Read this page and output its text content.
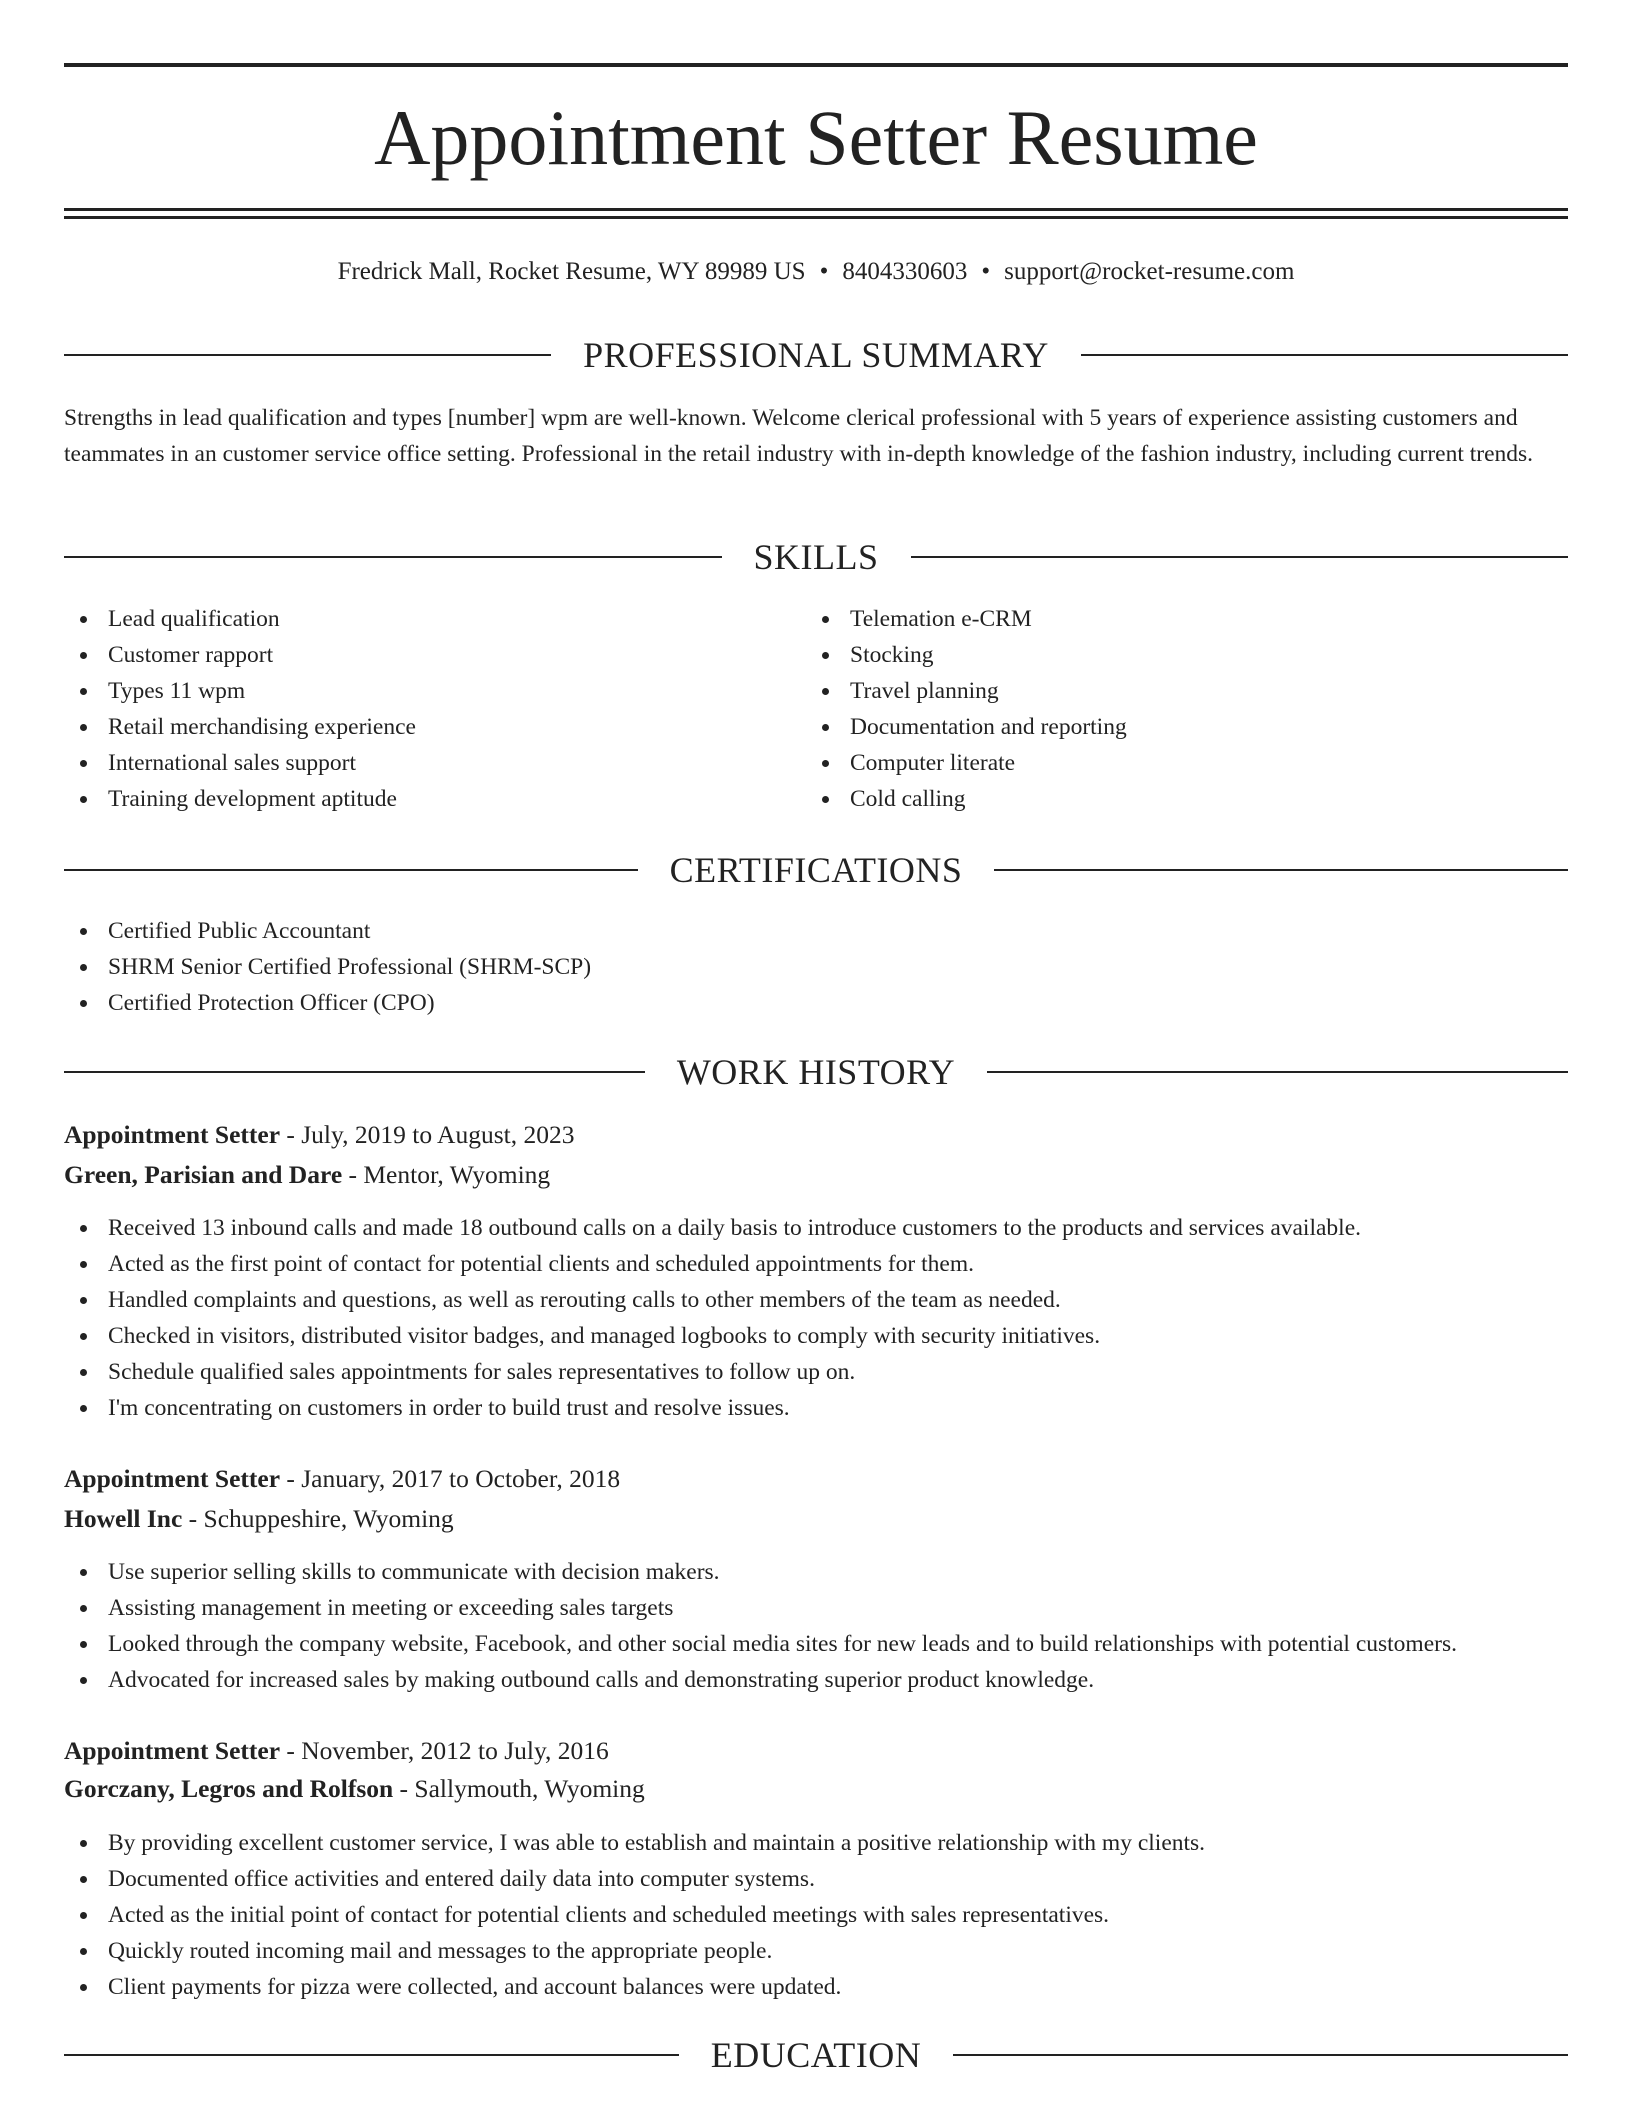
Appointment Setter Resume
Fredrick Mall, Rocket Resume, WY 89989 US • 8404330603 • support@rocket-resume.com
PROFESSIONAL SUMMARY
Strengths in lead qualification and types [number] wpm are well-known. Welcome clerical professional with 5 years of experience assisting customers and teammates in an customer service office setting. Professional in the retail industry with in-depth knowledge of the fashion industry, including current trends.
SKILLS
Lead qualification
Customer rapport
Types 11 wpm
Retail merchandising experience
International sales support
Training development aptitude
Telemation e-CRM
Stocking
Travel planning
Documentation and reporting
Computer literate
Cold calling
CERTIFICATIONS
Certified Public Accountant
SHRM Senior Certified Professional (SHRM-SCP)
Certified Protection Officer (CPO)
WORK HISTORY
Appointment Setter - July, 2019 to August, 2023
Green, Parisian and Dare - Mentor, Wyoming
Received 13 inbound calls and made 18 outbound calls on a daily basis to introduce customers to the products and services available.
Acted as the first point of contact for potential clients and scheduled appointments for them.
Handled complaints and questions, as well as rerouting calls to other members of the team as needed.
Checked in visitors, distributed visitor badges, and managed logbooks to comply with security initiatives.
Schedule qualified sales appointments for sales representatives to follow up on.
I'm concentrating on customers in order to build trust and resolve issues.
Appointment Setter - January, 2017 to October, 2018
Howell Inc - Schuppeshire, Wyoming
Use superior selling skills to communicate with decision makers.
Assisting management in meeting or exceeding sales targets
Looked through the company website, Facebook, and other social media sites for new leads and to build relationships with potential customers.
Advocated for increased sales by making outbound calls and demonstrating superior product knowledge.
Appointment Setter - November, 2012 to July, 2016
Gorczany, Legros and Rolfson - Sallymouth, Wyoming
By providing excellent customer service, I was able to establish and maintain a positive relationship with my clients.
Documented office activities and entered daily data into computer systems.
Acted as the initial point of contact for potential clients and scheduled meetings with sales representatives.
Quickly routed incoming mail and messages to the appropriate people.
Client payments for pizza were collected, and account balances were updated.
EDUCATION
